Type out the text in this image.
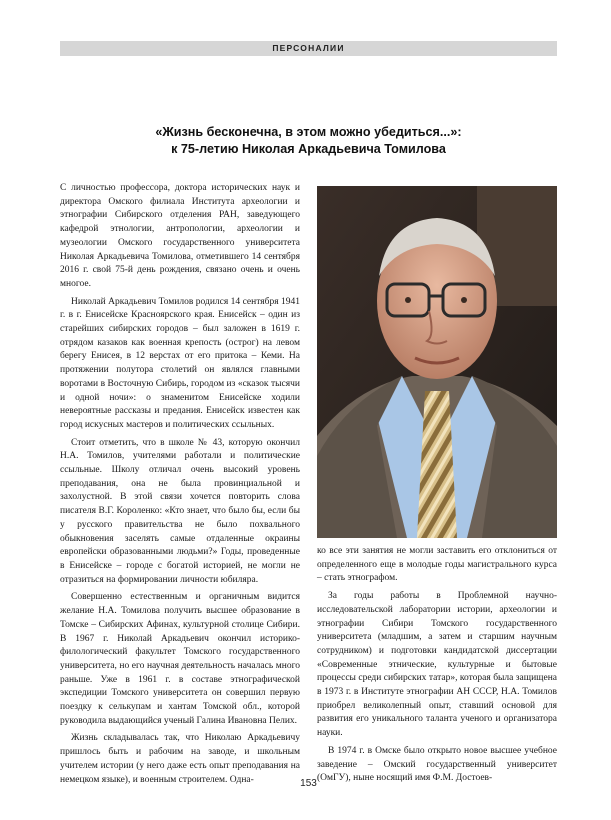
ПЕРСОНАЛИИ
«Жизнь бесконечна, в этом можно убедиться...»:
к 75-летию Николая Аркадьевича Томилова

С личностью профессора, доктора исторических наук и директора Омского филиала Института археологии и этнографии Сибирского отделения РАН, заведующего кафедрой этнологии, антропологии, археологии и музеологии Омского государственного университета Николая Аркадьевича Томилова, отметившего 14 сентября 2016 г. свой 75-й день рождения, связано очень и очень многое.

Николай Аркадьевич Томилов родился 14 сентября 1941 г. в г. Енисейске Красноярского края. Енисейск – один из старейших сибирских городов – был заложен в 1619 г. отрядом казаков как военная крепость (острог) на левом берегу Енисея, в 12 верстах от его притока – Кеми. На протяжении полутора столетий он являлся главными воротами в Восточную Сибирь, городом из «сказок тысячи и одной ночи»: о знаменитом Енисейске ходили невероятные рассказы и предания. Енисейск известен как город искусных мастеров и политических ссыльных.

Стоит отметить, что в школе № 43, которую окончил Н.А. Томилов, учителями работали и политические ссыльные. Школу отличал очень высокий уровень преподавания, она не была провинциальной и захолустной. В этой связи хочется повторить слова писателя В.Г. Короленко: «Кто знает, что было бы, если бы у русского правительства не было похвального обыкновения заселять самые отдаленные окраины европейски образованными людьми?» Годы, проведенные в Енисейске – городе с богатой историей, не могли не отразиться на формировании личности юбиляра.

Совершенно естественным и органичным видится желание Н.А. Томилова получить высшее образование в Томске – Сибирских Афинах, культурной столице Сибири. В 1967 г. Николай Аркадьевич окончил историко-филологический факультет Томского государственного университета, но его научная деятельность началась много раньше. Уже в 1961 г. в составе этнографической экспедиции Томского университета он совершил первую поездку к селькупам и хантам Томской обл., которой руководила выдающийся ученый Галина Ивановна Пелих.

Жизнь складывалась так, что Николаю Аркадьевичу пришлось быть и рабочим на заводе, и школьным учителем истории (у него даже есть опыт преподавания на немецком языке), и военным строителем. Одна-

ко все эти занятия не могли заставить его отклониться от определенного еще в молодые годы магистрального курса – стать этнографом.

За годы работы в Проблемной научно-исследовательской лаборатории истории, археологии и этнографии Сибири Томского государственного университета (младшим, а затем и старшим научным сотрудником) и подготовки кандидатской диссертации «Современные этнические, культурные и бытовые процессы среди сибирских татар», которая была защищена в 1973 г. в Институте этнографии АН СССР, Н.А. Томилов приобрел великолепный опыт, ставший основой для развития его уникального таланта ученого и организатора науки.

В 1974 г. в Омске было открыто новое высшее учебное заведение – Омский государственный университет (ОмГУ), ныне носящий имя Ф.М. Достоев-

153
